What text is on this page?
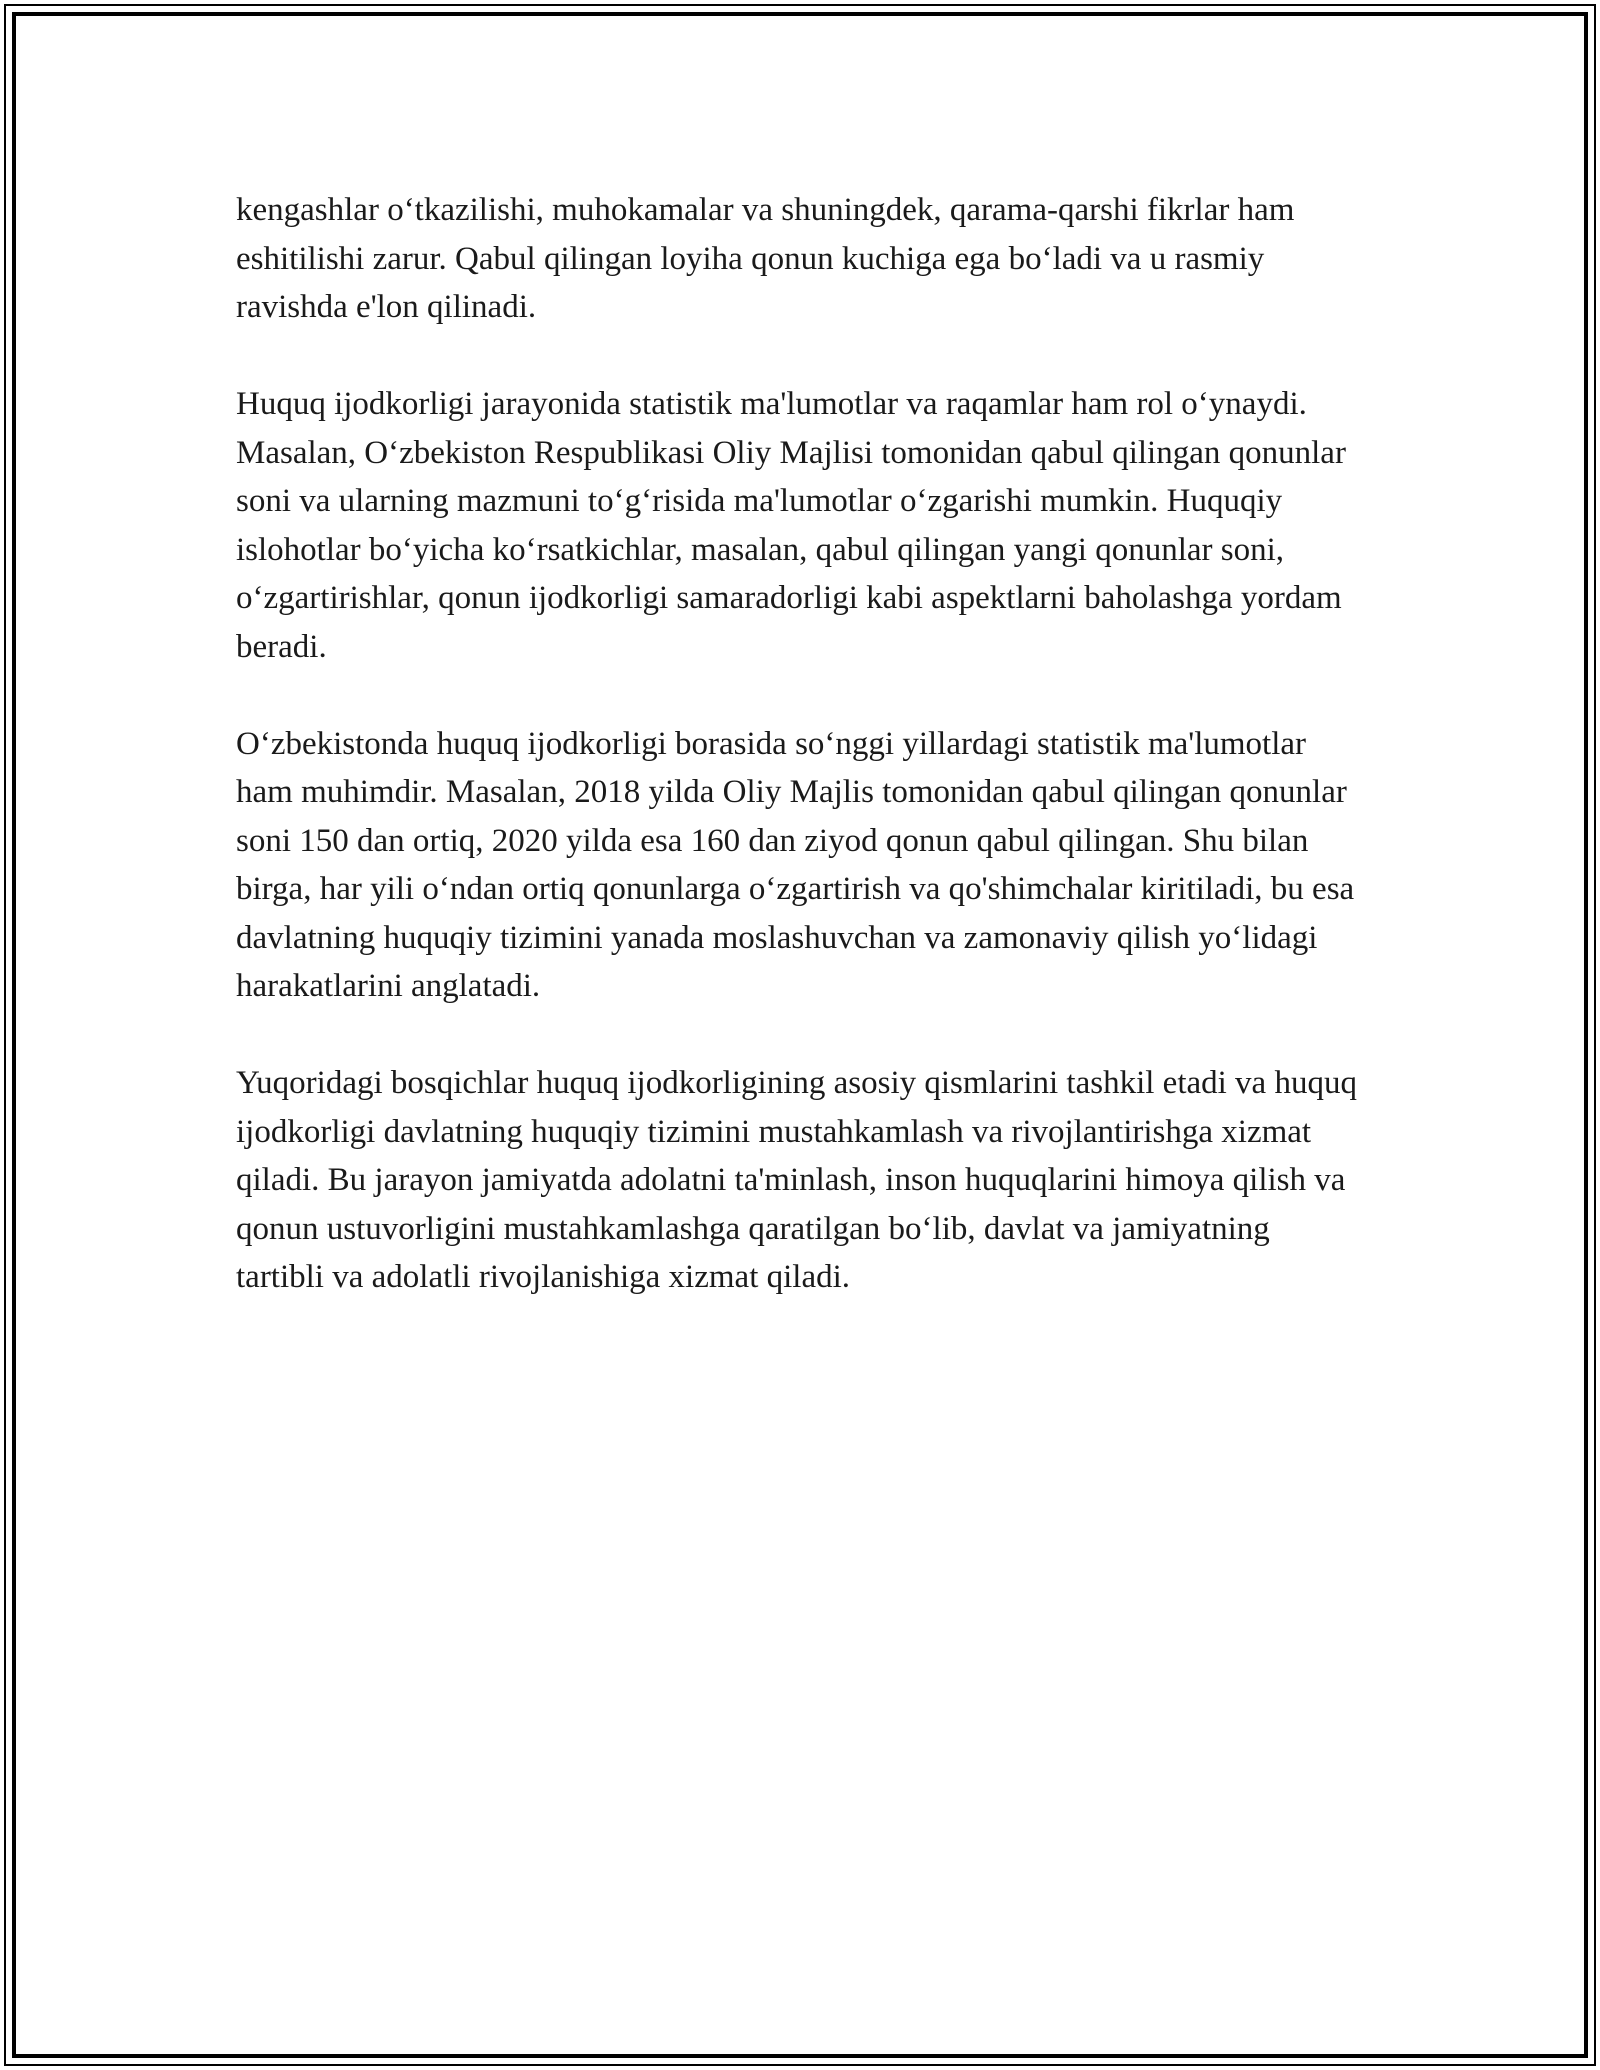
kengashlar o‘tkazilishi, muhokamalar va shuningdek, qarama-qarshi fikrlar ham eshitilishi zarur. Qabul qilingan loyiha qonun kuchiga ega bo‘ladi va u rasmiy ravishda e'lon qilinadi.

Huquq ijodkorligi jarayonida statistik ma'lumotlar va raqamlar ham rol o‘ynaydi. Masalan, O‘zbekiston Respublikasi Oliy Majlisi tomonidan qabul qilingan qonunlar soni va ularning mazmuni to‘g‘risida ma'lumotlar o‘zgarishi mumkin. Huquqiy islohotlar bo‘yicha ko‘rsatkichlar, masalan, qabul qilingan yangi qonunlar soni, o‘zgartirishlar, qonun ijodkorligi samaradorligi kabi aspektlarni baholashga yordam beradi.

O‘zbekistonda huquq ijodkorligi borasida so‘nggi yillardagi statistik ma'lumotlar ham muhimdir. Masalan, 2018 yilda Oliy Majlis tomonidan qabul qilingan qonunlar soni 150 dan ortiq, 2020 yilda esa 160 dan ziyod qonun qabul qilingan. Shu bilan birga, har yili o‘ndan ortiq qonunlarga o‘zgartirish va qo'shimchalar kiritiladi, bu esa davlatning huquqiy tizimini yanada moslashuvchan va zamonaviy qilish yo‘lidagi harakatlarini anglatadi.

Yuqoridagi bosqichlar huquq ijodkorligining asosiy qismlarini tashkil etadi va huquq ijodkorligi davlatning huquqiy tizimini mustahkamlash va rivojlantirishga xizmat qiladi. Bu jarayon jamiyatda adolatni ta'minlash, inson huquqlarini himoya qilish va qonun ustuvorligini mustahkamlashga qaratilgan bo‘lib, davlat va jamiyatning tartibli va adolatli rivojlanishiga xizmat qiladi.
